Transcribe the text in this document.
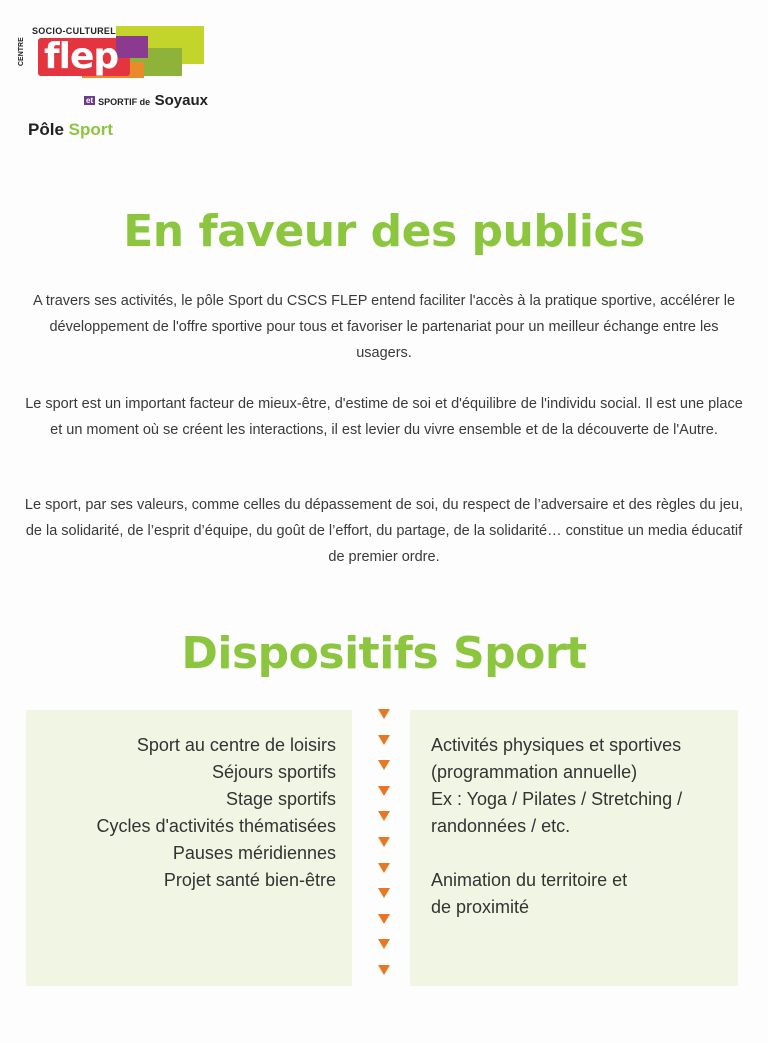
SOCIO-CULTUREL
CENTRE flep
et SPORTIF de Soyaux
Pôle Sport
En faveur des publics

A travers ses activités, le pôle Sport du CSCS FLEP entend faciliter l'accès à la pratique sportive, accélérer le développement de l'offre sportive pour tous et favoriser le partenariat pour un meilleur échange entre les usagers.

Le sport est un important facteur de mieux-être, d'estime de soi et d'équilibre de l'individu social. Il est une place et un moment où se créent les interactions, il est levier du vivre ensemble et de la découverte de l'Autre.

Le sport, par ses valeurs, comme celles du dépassement de soi, du respect de l’adversaire et des règles du jeu, de la solidarité, de l’esprit d’équipe, du goût de l’effort, du partage, de la solidarité… constitue un media éducatif de premier ordre.

Dispositifs Sport
Sport au centre de loisirs
Séjours sportifs
Stage sportifs
Cycles d'activités thématisées
Pauses méridiennes
Projet santé bien-être

Activités physiques et sportives

(programmation annuelle)

Ex : Yoga / Pilates / Stretching /

randonnées / etc.

Animation du territoire et

de proximité
